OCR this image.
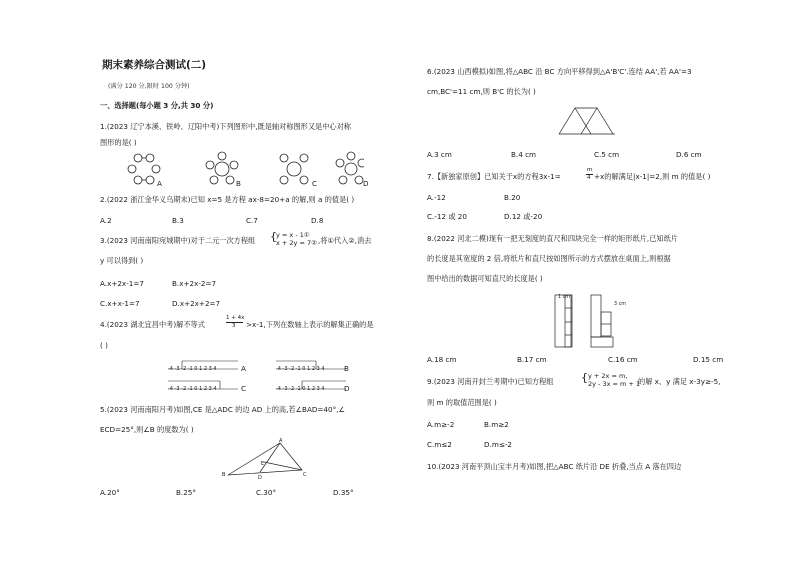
期末素养综合测试(二)
(满分 120 分,限时 100 分钟)
一、选择题(每小题 3 分,共 30 分)
1.(2023 辽宁本溪、铁岭、辽阳中考)下列图形中,既是轴对称图形又是中心对称
图形的是( )
A	B	C	D
2.(2022 浙江金华义乌期末)已知 x=5 是方程 ax-8=20+a 的解,则 a 的值是( )
A.2	B.3	C.7	D.8
3.(2023 河南南阳宛城期中)对于二元一次方程组 { y = x - 1①
x + 2y = 7② ,将①代入②,消去
y 可以得到( )
A.x+2x-1=7	B.x+2x-2=7
C.x+x-1=7	D.x+2x+2=7
4.(2023 湖北宜昌中考)解不等式
1 + 4x
3 >x-1,下列在数轴上表示的解集正确的是
( )
-4 -3 -2 -1 0 1 2 3 4	-4 -3 -2 -1 0 1 2 3 4
-4 -3 -2 -1 0 1 2 3 4	-4 -3 -2 -1 0 1 2 3 4
A	B
C	D
5.(2023 河南南阳月考)如图,CE 是△ADC 的边 AD 上的高,若∠BAD=40°,∠
ECD=25°,则∠B 的度数为( )
A
B
E
D	C
A.20°	B.25°	C.30°	D.35°
6.(2023 山西模拟)如图,将△ABC 沿 BC 方向平移得到△A'B'C'.连结 AA',若 AA'=3
cm,BC'=11 cm,则 B'C 的长为( )
A.3 cm	B.4 cm	C.5 cm	D.6 cm
7.【新独家原创】已知关于x的方程3x-1=
m
4 +x的解满足|x-1|=2,则 m 的值是( )
A.-12	B.20
C.-12 或 20	D.12 或-20
8.(2022 河北二模)现有一把无刻度的直尺和四块完全一样的矩形纸片,已知纸片
的长度是其宽度的 2 倍,将纸片和直尺按如图所示的方式摆放在桌面上,则根据
图中给出的数据可知直尺的长度是( )
1 cm
3 cm
A.18 cm	B.17 cm	C.16 cm	D.15 cm
9.(2023 河南开封兰考期中)已知方程组	{ y + 2x = m,
2y - 3x = m + 1
的解 x、y 满足 x-3y≥-5,
则 m 的取值范围是( )
A.m≥-2	B.m≥2
C.m≤2	D.m≤-2
10.(2023 河南平顶山宝丰月考)如图,把△ABC 纸片沿 DE 折叠,当点 A 落在四边
